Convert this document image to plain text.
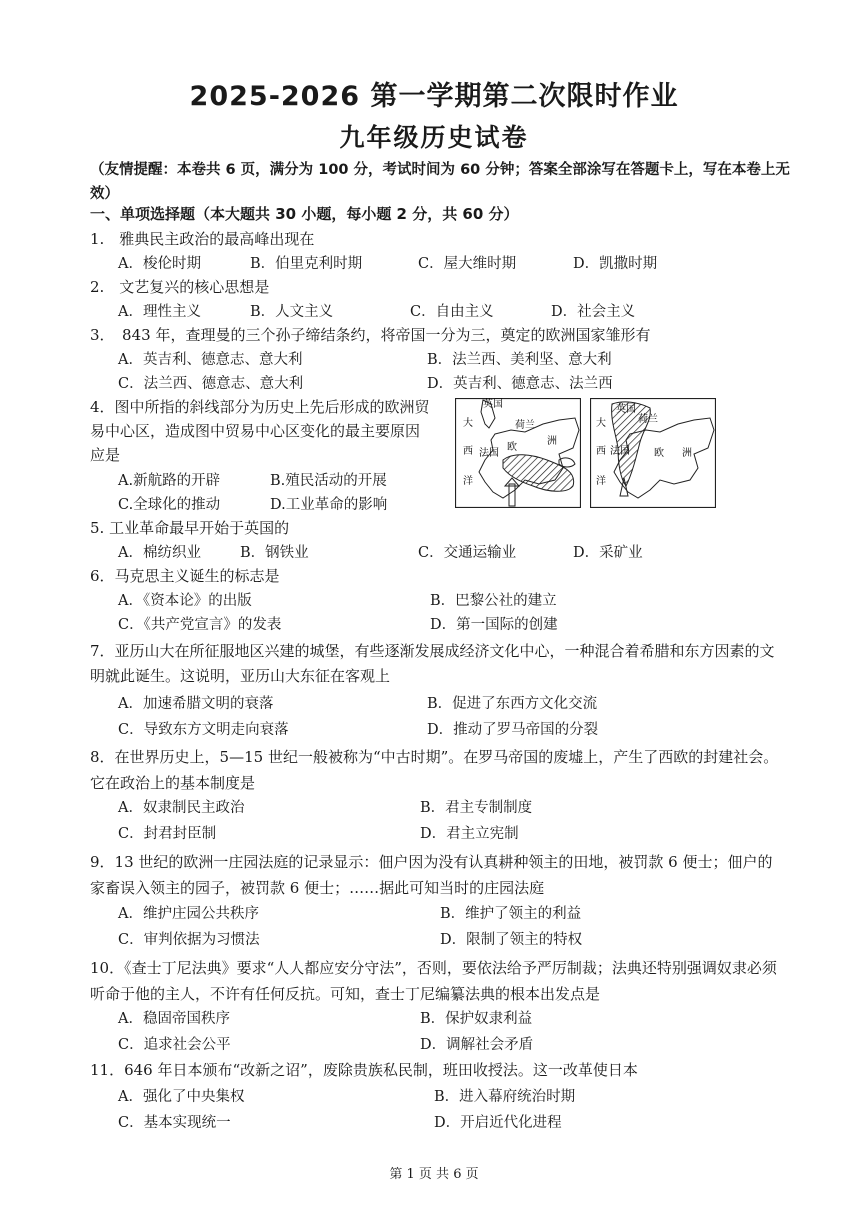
2025-2026 第一学期第二次限时作业
九年级历史试卷
（友情提醒：本卷共 6 页，满分为 100 分，考试时间为 60 分钟；答案全部涂写在答题卡上，写在本卷上无效）
一、单项选择题（本大题共 30 小题，每小题 2 分，共 60 分）
1.　雅典民主政治的最高峰出现在
A．梭伦时期	B．伯里克利时期	C．屋大维时期	D．凯撒时期
2.　文艺复兴的核心思想是
A．理性主义	B．人文主义	C．自由主义	D．社会主义
3．　843 年，查理曼的三个孙子缔结条约，将帝国一分为三，奠定的欧洲国家雏形有
A．英吉利、德意志、意大利	B．法兰西、美利坚、意大利
C．法兰西、德意志、意大利	D．英吉利、德意志、法兰西
4．图中所指的斜线部分为历史上先后形成的欧洲贸
易中心区，造成图中贸易中心区变化的最主要原因
应是
A.新航路的开辟	B.殖民活动的开展
C.全球化的推动	D.工业革命的影响
英国
荷兰
大
西 法国
洋
欧
洲
英国
荷兰
大
西 法国
洋
欧 洲
5. 工业革命最早开始于英国的
A．棉纺织业	B．钢铁业	C．交通运输业	D．采矿业
6．马克思主义诞生的标志是
A．《资本论》的出版	B．巴黎公社的建立
C．《共产党宣言》的发表	D．第一国际的创建
7．亚历山大在所征服地区兴建的城堡，有些逐渐发展成经济文化中心，一种混合着希腊和东方因素的文明就此诞生。这说明，亚历山大东征在客观上
A．加速希腊文明的衰落	B．促进了东西方文化交流
C．导致东方文明走向衰落	D．推动了罗马帝国的分裂
8．在世界历史上，5—15 世纪一般被称为“中古时期”。在罗马帝国的废墟上，产生了西欧的封建社会。它在政治上的基本制度是
A．奴隶制民主政治	B．君主专制制度
C．封君封臣制	D．君主立宪制
9．13 世纪的欧洲一庄园法庭的记录显示：佃户因为没有认真耕种领主的田地，被罚款 6 便士；佃户的家畜误入领主的园子，被罚款 6 便士；……据此可知当时的庄园法庭
A．维护庄园公共秩序	B．维护了领主的利益
C．审判依据为习惯法	D．限制了领主的特权
10．《查士丁尼法典》要求“人人都应安分守法”，否则，要依法给予严厉制裁；法典还特别强调奴隶必须听命于他的主人，不许有任何反抗。可知，查士丁尼编纂法典的根本出发点是
A．稳固帝国秩序	B．保护奴隶利益
C．追求社会公平	D．调解社会矛盾
11．646 年日本颁布“改新之诏”，废除贵族私民制，班田收授法。这一改革使日本
A．强化了中央集权	B．进入幕府统治时期
C．基本实现统一	D．开启近代化进程
第 1 页 共 6 页
